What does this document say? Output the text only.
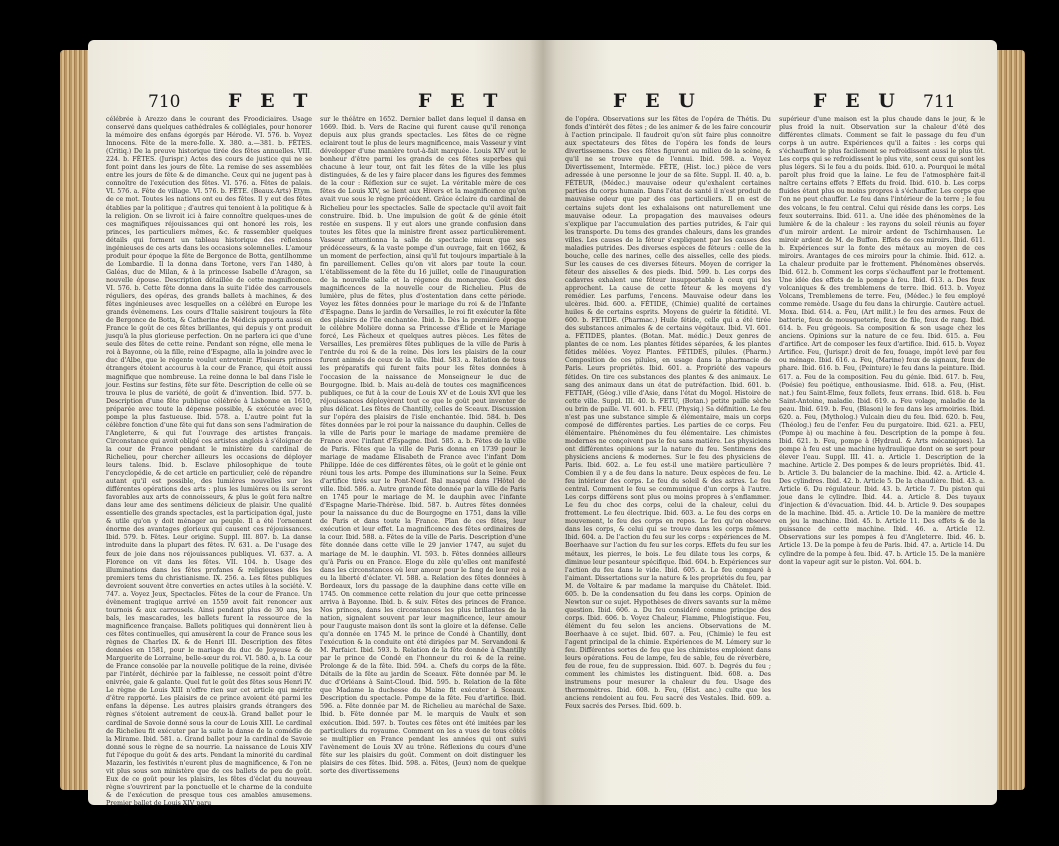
710	F E T	F E T

célébrée à Arezzo dans le courant des Froodiciaires. Usage conservé dans quelques cathédrales & collégiales, pour honorer la mémoire des enfans égorgés par Hérode. VI. 576. b. Voyez Innocens. Fête de la mere-folle. X. 380. a.—381. b. FÊTES. (Critiq.) De la preuve historique tirée des fêtes annuelles. VIII. 224. b. FÊTES. (Jurispr.) Actes des cours de justice qui ne se font point dans les jours de fête. La remise de ses assemblées entre les jours de fête & de dimanche. Ceux qui ne jugent pas à connoître de l'exécution des fêtes. VI. 576. a. Fêtes de palais. VI. 576. a. Fête de village. VI. 576. b. FÊTE. (Beaux-Arts) Etym. de ce mot. Toutes les nations ont eu des fêtes. Il y eut des fêtes établies par la politique ; d'autres qui tenoient à la politique & à la religion. On se livroit ici à faire connoître quelques-unes de ces magnifiques réjouissances qui ont honoré les rois, les princes, les particuliers mêmes, &c. & rassembler quelques détails qui forment un tableau historique des réflexions ingénieuses de ces arts dans les occasions solemnelles. L'amour produit pour époque la fête de Bergonce de Botta, gentilhomme de Lombardie. Il la donna dans Tortone, vers l'an 1480, à Galéas, duc de Milan, & à la princesse Isabelle d'Aragon, sa nouvelle épouse. Description détaillée de cette magnificence. VI. 576. b. Cette fête donna dans la suite l'idée des carrousels réguliers, des opéras, des grands ballets à machines, & des fêtes ingénieuses avec lesquelles on a célébré en Europe les grands évènemens. Les cours d'Italie saisirent toujours la fête de Bergonce de Botta, & Catherine de Médicis apporta aussi en France le goût de ces fêtes brillantes, qui depuis y ont produit jusqu'à la plus glorieuse perfection. On ne parlera ici que d'une seule des fêtes de cette reine. Pendant son régne, elle mena le roi à Bayonne, où la fille, reine d'Espagne, alla la joindre avec le duc d'Albe, que le régente voulut entretenir. Plusieurs princes étrangers étoient accourus à la cour de France, qui étoit aussi magnifique que nombreuse. La reine donna le bal dans l'isle le jour. Festins sur festins, fête sur fête. Description de celle où se trouva le plus de variété, de goût & d'invention. Ibid. 577. b. Description d'une fête publique célébrée à Lisbonne en 1610, préparée avec toute la dépense possible, & exécutée avec la pompe la plus fastueuse. Ibid. 578. a. L'autre point fut la célèbre fonction d'une fête qui fut dans son sens l'admiration de l'Angleterre, & qui fut l'ouvrage des artistes français. Circonstance qui avoit obligé ces artistes anglois à s'éloigner de la cour de France pendant le ministère du cardinal de Richelieu, pour chercher ailleurs les occasions de déployer leurs talens. Ibid. b. Esclave philosophique de toute l'encyclopédie, & de cet article en particulier, celé de répandre autant qu'il est possible, des lumières nouvelles sur les différentes opérations des arts : plus les lumières ou ils seront favorables aux arts de connoisseurs, & plus le goût fera naître dans leur ame des sentimens délicieux de plaisir. Une qualité essentielle des grands spectacles, est la participation égal, juste & utile qu'on y doit ménager au peuple. Il a été l'ornement énorme des avantages glorieux qui causent ces réjouissances. Ibid. 579. b. Fêtes. Leur origine. Suppl. III. 807. b. La danse introduite dans la plupart des fêtes. IV. 631. a. De l'usage des feux de joie dans nos réjouissances publiques. VI. 637. a. A Florence on vit dans les fêtes. VII. 104. b. Usage des illuminations dans les fêtes profanes & religieuses dès les premiers tems du christianisme. IX. 256. a. Les fêtes publiques devroient souvent être converties en actes utiles à la société. V. 747. a. Voyez Jeux, Spectacles. Fêtes de la cour de France. Un évènement tragique arrivé en 1559 avoit fait renoncer aux tournois & aux carrousels. Ainsi pendant plus de 30 ans, les bals, les mascarades, les ballets furent la ressource de la magnificence française. Ballets politiques qui donnèrent lieu à ces fêtes continuelles, qui amusèrent la cour de France sous les règnes de Charles IX. & de Henri III. Description des fêtes données en 1581, pour le mariage du duc de Joyeuse & de Marguerite de Lorraine, belle-sœur du roi. VI. 580. a, b. La cour de France consolée par la nouvelle politique de la reine, divisée par l'intérêt, déchirée par la faiblesse, ne cessoit point d'être enivrée, gaie & galante. Quel fut le goût des fêtes sous Henri IV. Le règne de Louis XIII n'offre rien sur cet article qui mérite d'être rapporté. Les plaisirs de ce prince avoient été parmi les enfans la dépense. Les autres plaisirs grands étrangers des règnes s'étoient autrement de ceux-là. Grand ballet pour le cardinal de Savoie donné sous la cour de Louis XIII. Le cardinal de Richelieu fit exécuter par la suite la danse de la comédie de la Mirame. Ibid. 581. a. Grand ballet pour la cardinal de Savoie donné sous le règne de sa nourrie. La naissance de Louis XIV fut l'époque du goût & des arts. Pendant la minorité du cardinal Mazarin, les festivités n'eurent plus de magnificence, & l'on ne vit plus sous son ministère que de ces ballets de peu de goût. Eux de ce goût pour les plaisirs, les fêtes d'éclat du nouveau règne s'ouvrirent par la ponctuelle et le charme de la conduite & de l'exécution de presque tous ces amables amusemens. Premier ballet de Louis XIV paru

sur le théâtre en 1652. Dernier ballet dans lequel il dansa en 1669. Ibid. b. Vers de Racine qui furent cause qu'il renonça depuis aux plus grands spectacles. Les fêtes de ce règne eclairent tout le plus de leurs magnificence, mais Vasseur y vint développer d'une manière tout-à-fait marquée. Louis XIV eut le bonheur d'être parmi les grands de ces fêtes superbes qui chacune à leur tour, ont fait les fêtes de la ville les plus distinguées, & de les y faire placer dans les figures des femmes de la cour : Réflexion sur ce sujet. La véritable mère de ces fêtes de Louis XIV, se lient aux Hivers et la magnificence qu'on avait vue sous le règne précédent. Grâce éclaire du cardinal de Richelieu pour les spectacles. Salle de spectacle qu'il avoit fait construire. Ibid. b. Une impulsion de goût & de génie étoit restée en suspens. Il y eut alors une grande confusion dans toutes les fêtes que la ministre firent assez particulièrement. Vasseur attentionna la salle de spectacle mieux que ses prédécesseurs, & la vaste pompe d'un ouvrage, fait en 1662, & un moment de perfection, ainsi qu'il fut toujours impartiale à la fin pareillement. Celles qu'on vit alors par toute la cour. L'établissement de la fête du 16 juillet, celle de l'inauguration de la nouvelle salle et la régence du monarque. Goût des magnificences de la nouvelle cour de Richelieu. Plus de lumière, plus de fêtes, plus d'ostentation dans cette période. Voyez les fêtes données pour le mariage du roi & de l'Infante d'Espagne. Dans le jardin de Versailles, le roi fit exécuter la fête des plaisirs de l'île enchantée. Ibid. b. Dès la première époque le célèbre Molière donna sa Princesse d'Élide et le Mariage forcé, Les Fâcheux et quelques autres pièces. Les fêtes de Versailles, Les premières fêtes publiques de la ville de Paris à l'entrée du roi & de la reine. Dès lors les plaisirs de la cour furent animés de ceux de la ville. Ibid. 583. a. Relation de tous les préparatifs qui furent faits pour les fêtes données à l'occasion de la naissance de Monseigneur le duc de Bourgogne. Ibid. b. Mais au-delà de toutes ces magnificences publiques, ce fut à la cour de Louis XV et de Louis XVI que les réjouissances déployèrent tout ce que le goût peut inventer de plus délicat. Les fêtes de Chantilly, celles de Sceaux. Discussion sur l'opéra des plaisirs de l'isle enchantée. Ibid. 584. b. Des fêtes données par le roi pour la naissance du dauphin. Celles de la ville de Paris pour le mariage de madame première de France avec l'infant d'Espagne. Ibid. 585. a. b. Fêtes de la ville de Paris. Fêtes que la ville de Paris donna en 1739 pour le mariage de madame Élisabeth de France avec l'infant Dom Philippe. Idée de ces différentes fêtes, où le goût et le génie ont réuni tous les arts. Pompe des illuminations sur la Seine. Feux d'artifice tirés sur le Pont-Neuf. Bal masqué dans l'Hôtel de ville. Ibid. 586. a. Autre grande fête donnée par la ville de Paris en 1745 pour le mariage de M. le dauphin avec l'infante d'Espagne Marie-Thérèse. Ibid. 587. b. Autres fêtes données pour la naissance du duc de Bourgogne en 1751, dans la ville de Paris et dans toute la France. Plan de ces fêtes, leur exécution et leur effet. La magnificence des fêtes ordinaires de la cour. Ibid. 588. a. Fêtes de la ville de Paris. Description d'une fête donnée dans cette ville le 29 janvier 1747, au sujet du mariage de M. le dauphin. VI. 593. b. Fêtes données ailleurs qu'à Paris ou en France. Eloge du zèle qu'elles ont manifesté dans les circonstances où leur amour pour le fang de leur roi a eu la liberté d'éclater. VI. 588. a. Relation des fêtes données à Bordeaux, lors du passage de la dauphine dans cette ville en 1745. On commence cette relation du jour que cette princesse arriva à Bayonne. Ibid. b. & suiv. Fêtes des princes de France. Nos princes, dans les circonstances les plus brillantes de la nation, signalent souvent par leur magnificence, leur amour pour l'auguste maison dont ils sont la gloire et la défense. Celle qu'a donnée en 1745 M. le prince de Condé à Chantilly, dont l'exécution & la conduite ont été dirigées par M. Servandoni & M. Parfaict. Ibid. 593. b. Relation de la fête donnée à Chantilly par le prince de Condé en l'honneur du roi & de la reine. Prolonge & de la fête. Ibid. 594. a. Chefs du corps de la fête. Détails de la fête au jardin de Sceaux. Fête donnée par M. le duc d'Orléans à Saint-Cloud. Ibid. 595. b. Relation de la fête que Madame la duchesse du Maine fit exécuter à Sceaux. Description du spectacle. Pompe de la fête. Feu d'artifice. Ibid. 596. a. Fête donnée par M. de Richelieu au maréchal de Saxe. Ibid. b. Fête donnée par M. le marquis de Vaulx et son exécution. Ibid. 597. b. Toutes ces fêtes ont été imitées par les particuliers du royaume. Comment on les a vues de tous côtés se multiplier en France pendant les années qui ont suivi l'avènement de Louis XV au trône. Réflexions du cours d'une fête sur les plaisirs du goût. Comment on doit distinguer les plaisirs de ces fêtes. Ibid. 598. a. Fêtes, (Jeux) nom de quelque sorte des divertissemens

F E U	F E U 711

de l'opéra. Observations sur les fêtes de l'opéra de Thétis. Du fonds d'intérêt des fêtes ; de les animer & de les faire concourir à l'action principale. Il faudroit qu'on sût faire plus connoitre aux spectateurs des fêtes de l'opéra les fonds de leurs divertissemens. Des ces fêtes figurent au milieu de la scène, & qu'il ne se trouve que de l'ennui. Ibid. 598. a. Voyez Divertissement, Intermède. FÊTE, (Hist. loc.) pièce de vers adressée à une personne le jour de sa fête. Suppl. II. 40. a, b. FÉTEUR, (Médec.) mauvaise odeur qu'exhalent certaines parties du corps humain. Dans l'état de santé il n'est produit de mauvaise odeur que par des cas particuliers. Il en est de certains sujets dont les exhalaisons ont naturellement une mauvaise odeur. La propagation des mauvaises odeurs s'explique par l'accumulation des parties putrides, & l'air qui les transporte. Du tems des grandes chaleurs, dans les grandes villes. Les causes de la féteur s'expliquent par les causes des maladies putrides. Des diverses espèces de féteurs : celle de la bouche, celle des narines, celle des aisselles, celle des pieds. Sur les causes de ces diverses féteurs. Moyen de corriger la féteur des aisselles & des pieds. Ibid. 599. b. Les corps des cadavres exhalent une féteur insupportable à ceux qui les approchent. La cause de cette féteur & les moyens d'y remédier. Les parfums, l'encens. Mauvaise odeur dans les ulcères. Ibid. 600. a. FÉTIDE, (Chimie) qualité de certaines huiles & de certains esprits. Moyens de guérir la fétidité. VI. 600. b. FETIDE. (Pharmac.) Huile fétide, celle qui a été tirée des substances animales & de certains végétaux. Ibid. VI. 601. a. FÉTIDES, plantes. (Botan. Mat. médic.) Deux genres de plantes de ce nom. Les plantes fétides séparées, & les plantes fétides mêlées. Voyez Plantes. FÉTIDES, pilules. (Pharm.) Composition de ces pilules, en usage dans la pharmacie de Paris. Leurs propriétés. Ibid. 601. a. Propriété des vapeurs fétides. On tire ces substances des plantes & des animaux. Le sang des animaux dans un état de putréfaction. Ibid. 601. b. FETTAH, (Géog.) ville d'Asie, dans l'état du Mogol. Histoire de cette ville. Suppl. III. 40. b. FETU, (Botan.) petite paille sèche ou brin de paille. VI. 601. b. FEU. (Physiq.) Sa définition. Le feu n'est pas une substance simple & élémentaire, mais un corps composé de différentes parties. Les parties de ce corps. Feu élémentaire. Phénomènes du feu élémentaire. Les chimistes modernes ne conçoivent pas le feu sans matière. Les physiciens ont différentes opinions sur la nature du feu. Sentimens des physiciens anciens & modernes. Sur le feu des physiciens de Paris. Ibid. 602. a. Le feu est-il une matière particulière ? Combien il y a de feu dans la nature. Deux espèces de feu. Le feu intérieur des corps. Le feu du soleil & des astres. Le feu central. Comment le feu se communique d'un corps à l'autre. Les corps différens sont plus ou moins propres à s'enflammer. Le feu du choc des corps, celui de la chaleur, celui du frottement. Le feu électrique. Ibid. 603. a. Le feu des corps en mouvement, le feu des corps en repos. Le feu qu'on observe dans les corps, & celui qui se trouve dans les corps mêmes. Ibid. 604. a. De l'action du feu sur les corps : expériences de M. Boerhaave sur l'action du feu sur les corps. Effets du feu sur les métaux, les pierres, le bois. Le feu dilate tous les corps, & diminue leur pesanteur spécifique. Ibid. 604. b. Expériences sur l'action du feu dans le vide. Ibid. 605. a. Le feu comparé à l'aimant. Dissertations sur la nature & les propriétés du feu, par M. de Voltaire & par madame la marquise du Châtelet. Ibid. 605. b. De la condensation du feu dans les corps. Opinion de Newton sur ce sujet. Hypothèses de divers savants sur la même question. Ibid. 606. a. Du feu considéré comme principe des corps. Ibid. 606. b. Voyez Chaleur, Flamme, Phlogistique. Feu, élément du feu selon les anciens. Observations de M. Boerhaave à ce sujet. Ibid. 607. a. Feu, (Chimie) le feu est l'agent principal de la chimie. Expériences de M. Lémery sur le feu. Différentes sortes de feu que les chimistes emploient dans leurs opérations. Feu de lampe, feu de sable, feu de réverbère, feu de roue, feu de suppression. Ibid. 607. b. Degrés du feu ; comment les chimistes les distinguent. Ibid. 608. a. Des instrumens pour mesurer la chaleur du feu. Usage des thermomètres. Ibid. 608. b. Feu, (Hist. anc.) culte que les anciens rendoient au feu. Feu sacré des Vestales. Ibid. 609. a. Feux sacrés des Perses. Ibid. 609. b.

supérieur d'une maison est la plus chaude dans le jour, & le plus froid la nuit. Observation sur la chaleur d'été des différentes climats. Comment se fait le passage du feu d'un corps à un autre. Expériences qu'il a faites : les corps qui s'échauffent le plus facilement se refroidissent aussi le plus tôt. Les corps qui se refroidissent le plus vite, sont ceux qui sont les plus légers. Si le feu a du poids. Ibid. 610. a. Pourquoi le métal paroît plus froid que la laine. Le feu de l'atmosphère fait-il naître certains effets ? Effets du froid. Ibid. 610. b. Les corps fluides étant plus ou moins propres à s'échauffer. Les corps que l'on ne peut chauffer. Le feu dans l'intérieur de la terre ; le feu des volcans, le feu central. Celui qui réside dans les corps. Les feux souterrains. Ibid. 611. a. Une idée des phénomènes de la lumière & de la chaleur : les rayons du soleil réunis au foyer d'un miroir ardent. Le miroir ardent de Tschirnhausen. Le miroir ardent de M. de Buffon. Effets de ces miroirs. Ibid. 611. b. Expériences sur la fonte des métaux au moyen de ces miroirs. Avantages de ces miroirs pour la chimie. Ibid. 612. a. La chaleur produite par le frottement. Phénomènes observés. Ibid. 612. b. Comment les corps s'échauffent par le frottement. Une idée des effets de la pompe à feu. Ibid. 613. a. Des feux volcaniques & des tremblemens de terre. Ibid. 613. b. Voyez Volcans, Tremblemens de terre. Feu, (Médec.) le feu employé comme remède. Usage du feu dans la chirurgie. Cautère actuel. Moxa. Ibid. 614. a. Feu, (Art milit.) le feu des armes. Feux de batterie, feux de mousqueterie, feux de file, feux de rang. Ibid. 614. b. Feu grégeois. Sa composition & son usage chez les anciens. Opinions sur la nature de ce feu. Ibid. 615. a. Feu d'artifice. Art de composer les feux d'artifice. Ibid. 615. b. Voyez Artifice. Feu, (Jurispr.) droit de feu, fouage, impôt levé par feu ou ménage. Ibid. 616. a. Feu, (Marine) feux de signaux, feux de phare. Ibid. 616. b. Feu, (Peinture) le feu dans la peinture. Ibid. 617. a. Feu de la composition. Feu du génie. Ibid. 617. b. Feu, (Poésie) feu poétique, enthousiasme. Ibid. 618. a. Feu, (Hist. nat.) feu Saint-Elme, feux follets, feux errans. Ibid. 618. b. Feu Saint-Antoine, maladie. Ibid. 619. a. Feu volage, maladie de la peau. Ibid. 619. b. Feu, (Blason) le feu dans les armoiries. Ibid. 620. a. Feu, (Mytholog.) Vulcain dieu du feu. Ibid. 620. b. Feu, (Théolog.) feu de l'enfer. Feu du purgatoire. Ibid. 621. a. FEU, (Pompe à) ou machine à feu. Description de la pompe à feu. Ibid. 621. b. Feu, pompe à (Hydraul. & Arts mécaniques). La pompe à feu est une machine hydraulique dont on se sert pour élever l'eau. Suppl. III. 41. a. Article 1. Description de la machine. Article 2. Des pompes & de leurs propriétés. Ibid. 41. b. Article 3. Du balancier de la machine. Ibid. 42. a. Article 4. Des cylindres. Ibid. 42. b. Article 5. De la chaudière. Ibid. 43. a. Article 6. Du régulateur. Ibid. 43. b. Article 7. Du piston qui joue dans le cylindre. Ibid. 44. a. Article 8. Des tuyaux d'injection & d'évacuation. Ibid. 44. b. Article 9. Des soupapes de la machine. Ibid. 45. a. Article 10. De la manière de mettre en jeu la machine. Ibid. 45. b. Article 11. Des effets & de la puissance de cette machine. Ibid. 46. a. Article 12. Observations sur les pompes à feu d'Angleterre. Ibid. 46. b. Article 13. De la pompe à feu de Paris. Ibid. 47. a. Article 14. Du cylindre de la pompe à feu. Ibid. 47. b. Article 15. De la manière dont la vapeur agit sur le piston. Vol. 604. b.
